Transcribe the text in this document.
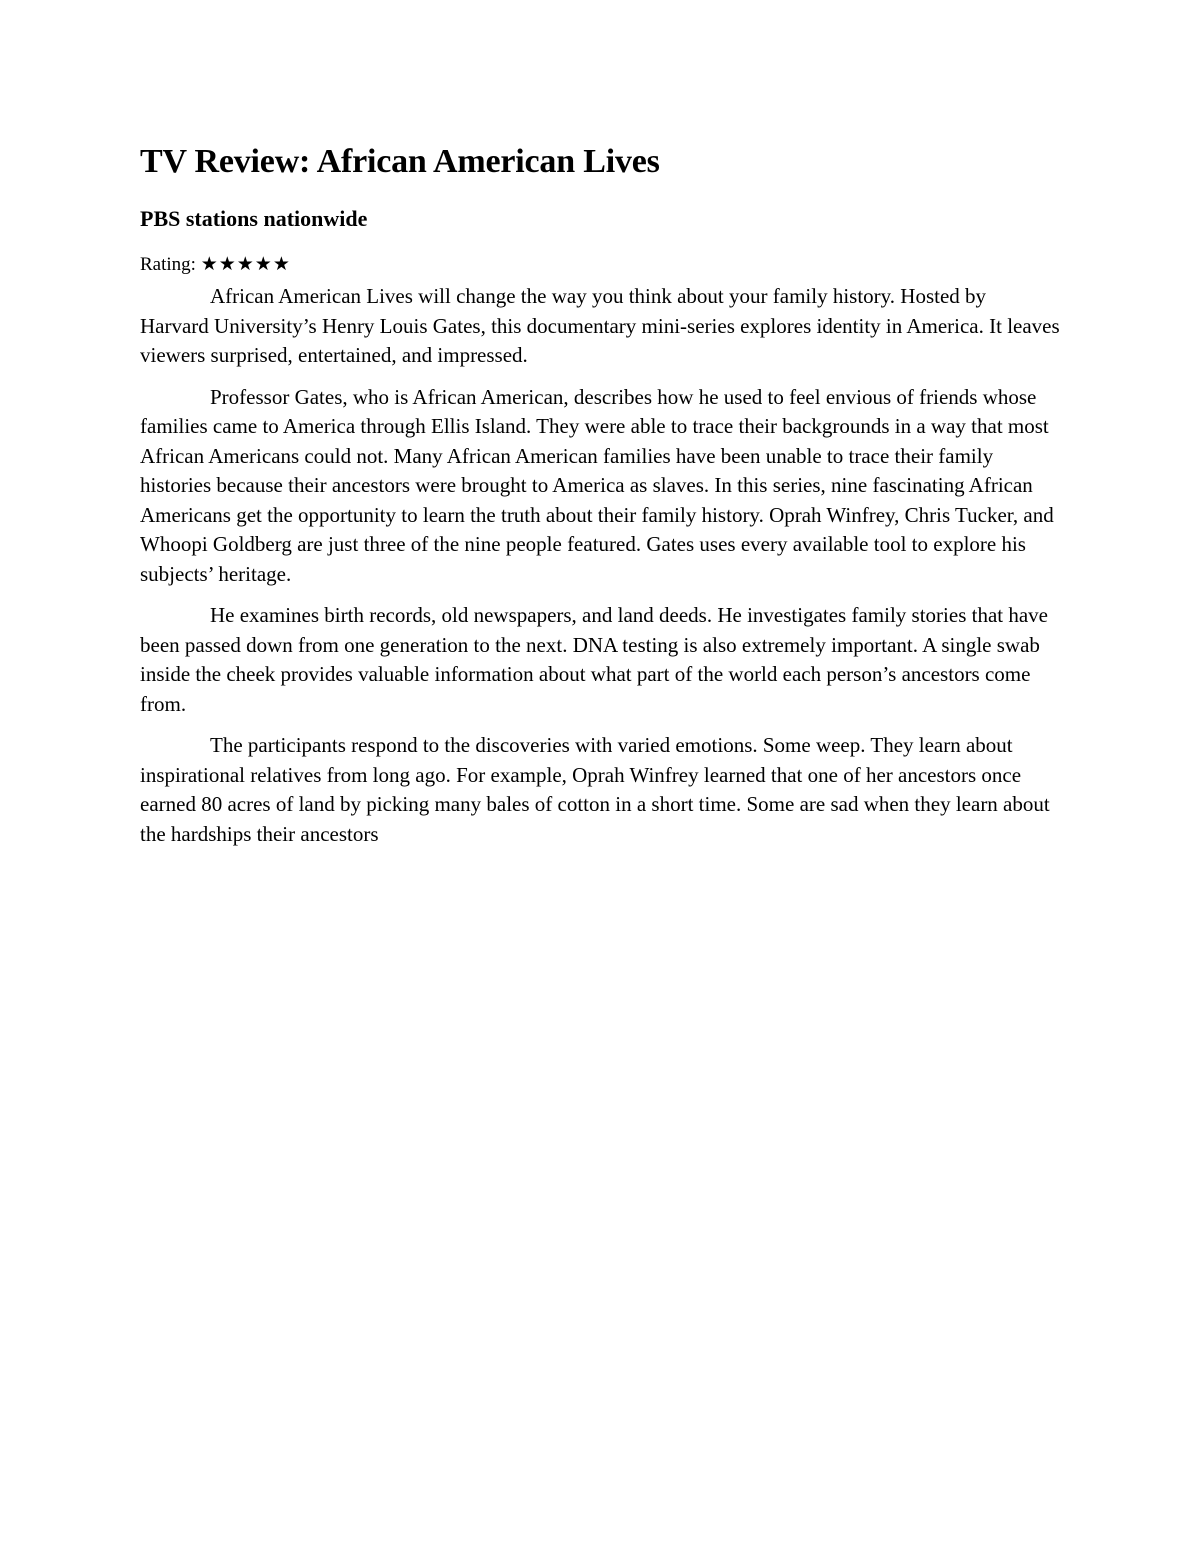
TV Review: African American Lives
PBS stations nationwide
Rating: ★★★★★

African American Lives will change the way you think about your family history. Hosted by Harvard University’s Henry Louis Gates, this documentary mini-series explores identity in America. It leaves viewers surprised, entertained, and impressed.

Professor Gates, who is African American, describes how he used to feel envious of friends whose families came to America through Ellis Island. They were able to trace their backgrounds in a way that most African Americans could not. Many African American families have been unable to trace their family histories because their ancestors were brought to America as slaves. In this series, nine fascinating African Americans get the opportunity to learn the truth about their family history. Oprah Winfrey, Chris Tucker, and Whoopi Goldberg are just three of the nine people featured. Gates uses every available tool to explore his subjects’ heritage.

He examines birth records, old newspapers, and land deeds. He investigates family stories that have been passed down from one generation to the next. DNA testing is also extremely important. A single swab inside the cheek provides valuable information about what part of the world each person’s ancestors come from.

The participants respond to the discoveries with varied emotions. Some weep. They learn about inspirational relatives from long ago. For example, Oprah Winfrey learned that one of her ancestors once earned 80 acres of land by picking many bales of cotton in a short time. Some are sad when they learn about the hardships their ancestors
